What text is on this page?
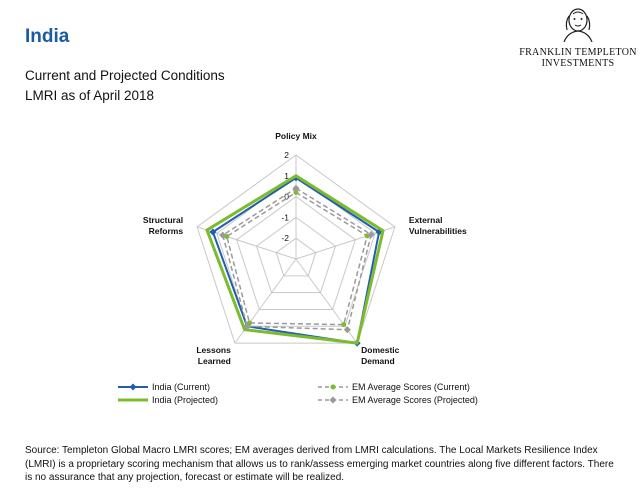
India
Current and Projected Conditions
LMRI as of April 2018
FRANKLIN TEMPLETON
INVESTMENTS
-2
-1
0
1
2
Policy Mix
External Vulnerabilities
Domestic Demand
Lessons Learned
Structural Reforms
India (Current)
India (Projected)
EM Average Scores (Current)
EM Average Scores (Projected)
Source: Templeton Global Macro LMRI scores; EM averages derived from LMRI calculations. The Local Markets Resilience Index (LMRI) is a proprietary scoring mechanism that allows us to rank/assess emerging market countries along five different factors. There is no assurance that any projection, forecast or estimate will be realized.
